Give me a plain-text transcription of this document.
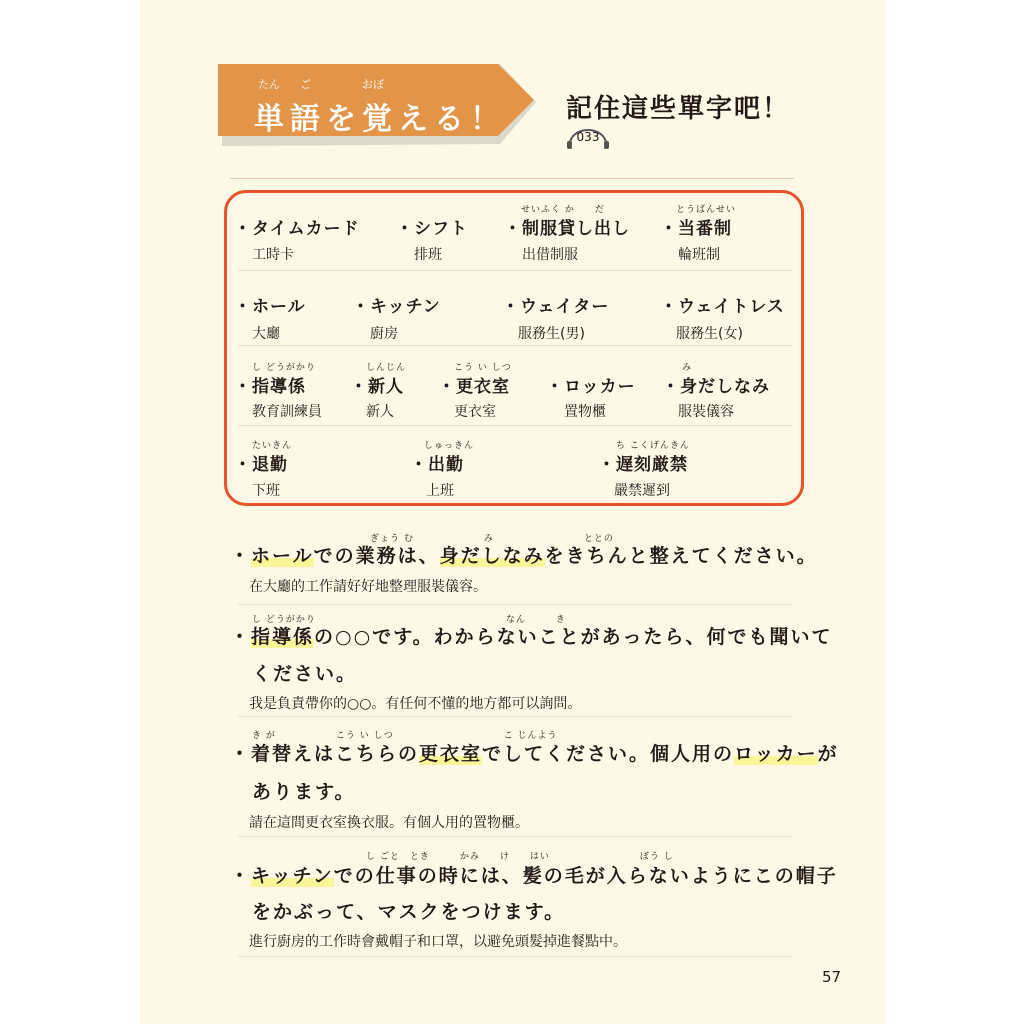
単語を覚える！
たん ご	おぼ
記住這些單字吧！
033
・タイムカード
工時卡
・シフト
排班
せいふく か　　だ
・制服貸し出し
出借制服
とうばんせい
・当番制
輪班制
・ホール
大廳
・キッチン
廚房
・ウェイター
服務生(男)
・ウェイトレス
服務生(女)
し どうがかり
・指導係
教育訓練員
しんじん
・新人
新人
こう い しつ
・更衣室
更衣室
・ロッカー
置物櫃
み
・身だしなみ
服裝儀容
たいきん
・退勤
下班
しゅっきん
・出勤
上班
ち こくげんきん
・遅刻厳禁
嚴禁遲到
ぎょう む　　　　　　　み　　　　　　　　　ととの
・ホールでの業務は、身だしなみをきちんと整えてください。
在大廳的工作請好好地整理服裝儀容。
し どうがかり　　　　　　　　　　　　　　　　　　　なん　　　き
・指導係の○○です。わからないことがあったら、何でも聞いて
ください。
我是負責帶你的○○。有任何不懂的地方都可以詢問。
き が　　　　　　こう い しつ　　　　　　　　　　　こ じんよう
・着替えはこちらの更衣室でしてください。個人用のロッカーが
あります。
請在這間更衣室換衣服。有個人用的置物櫃。
し ごと　とき　　　かみ　　け　　はい　　　　　　　　　ぼう し
・キッチンでの仕事の時には、髪の毛が入らないようにこの帽子
をかぶって、マスクをつけます。
進行廚房的工作時會戴帽子和口罩，以避免頭髮掉進餐點中。
57
